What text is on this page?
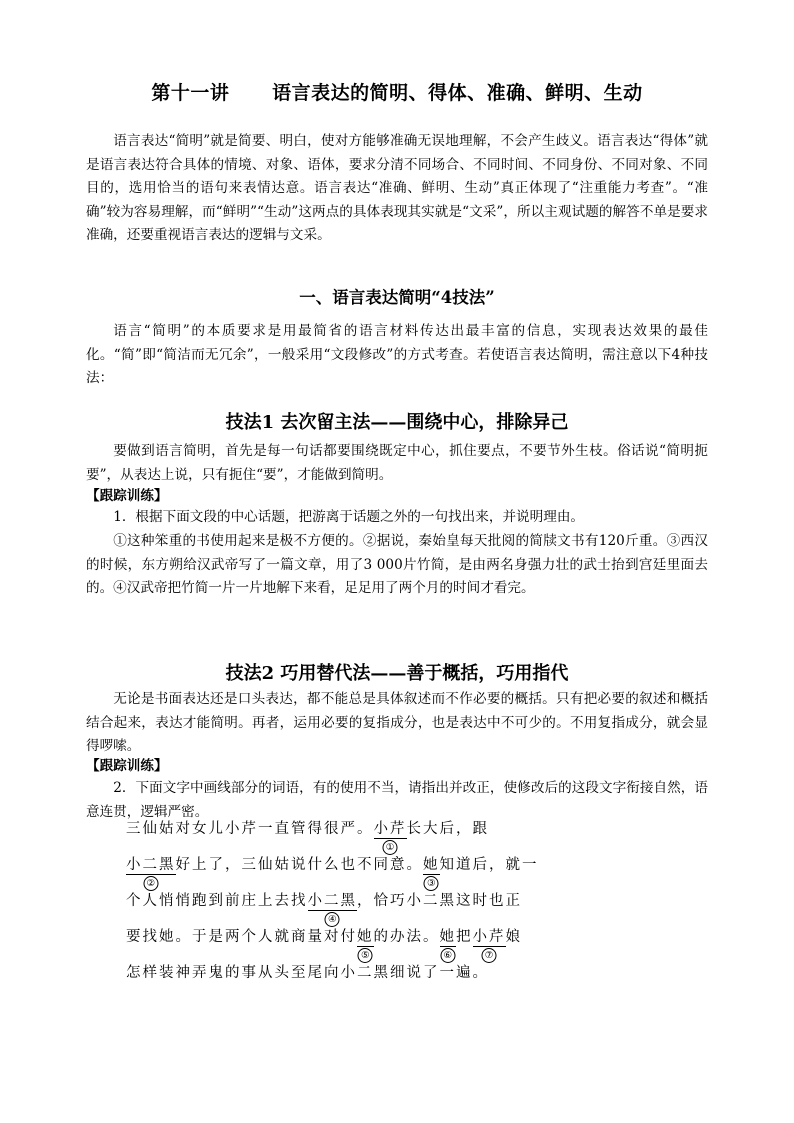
第十一讲      语言表达的简明、得体、准确、鲜明、生动

语言表达“简明”就是简要、明白，使对方能够准确无误地理解，不会产生歧义。语言表达“得体”就是语言表达符合具体的情境、对象、语体，要求分清不同场合、不同时间、不同身份、不同对象、不同目的，选用恰当的语句来表情达意。语言表达“准确、鲜明、生动”真正体现了“注重能力考查”。“准确”较为容易理解，而“鲜明”“生动”这两点的具体表现其实就是“文采”，所以主观试题的解答不单是要求准确，还要重视语言表达的逻辑与文采。

一、语言表达简明“4技法”

语言“简明”的本质要求是用最简省的语言材料传达出最丰富的信息，实现表达效果的最佳化。“简”即“简洁而无冗余”，一般采用“文段修改”的方式考查。若使语言表达简明，需注意以下4种技法：

技法1 去次留主法——围绕中心，排除异己

要做到语言简明，首先是每一句话都要围绕既定中心，抓住要点，不要节外生枝。俗话说“简明扼要”，从表达上说，只有扼住“要”，才能做到简明。

【跟踪训练】

1．根据下面文段的中心话题，把游离于话题之外的一句找出来，并说明理由。

①这种笨重的书使用起来是极不方便的。②据说，秦始皇每天批阅的简牍文书有120斤重。③西汉的时候，东方朔给汉武帝写了一篇文章，用了3 000片竹简，是由两名身强力壮的武士抬到宫廷里面去的。④汉武帝把竹简一片一片地解下来看，足足用了两个月的时间才看完。

技法2 巧用替代法——善于概括，巧用指代

无论是书面表达还是口头表达，都不能总是具体叙述而不作必要的概括。只有把必要的叙述和概括结合起来，表达才能简明。再者，运用必要的复指成分，也是表达中不可少的。不用复指成分，就会显得啰嗦。

【跟踪训练】

2．下面文字中画线部分的词语，有的使用不当，请指出并改正，使修改后的这段文字衔接自然，语意连贯，逻辑严密。

三仙姑对女儿小芹一直管得很严。小芹
①
长大后，跟
小二黑
②
好上了，三仙姑说什么也不同意。她
③
知道后，就一
个人悄悄跑到前庄上去找小二黑
④
，恰巧小二黑这时也正
要找她。于是两个人就商量对付她
⑤
的办法。她
⑥
把小芹
⑦
娘
怎样装神弄鬼的事从头至尾向小二黑细说了一遍。
